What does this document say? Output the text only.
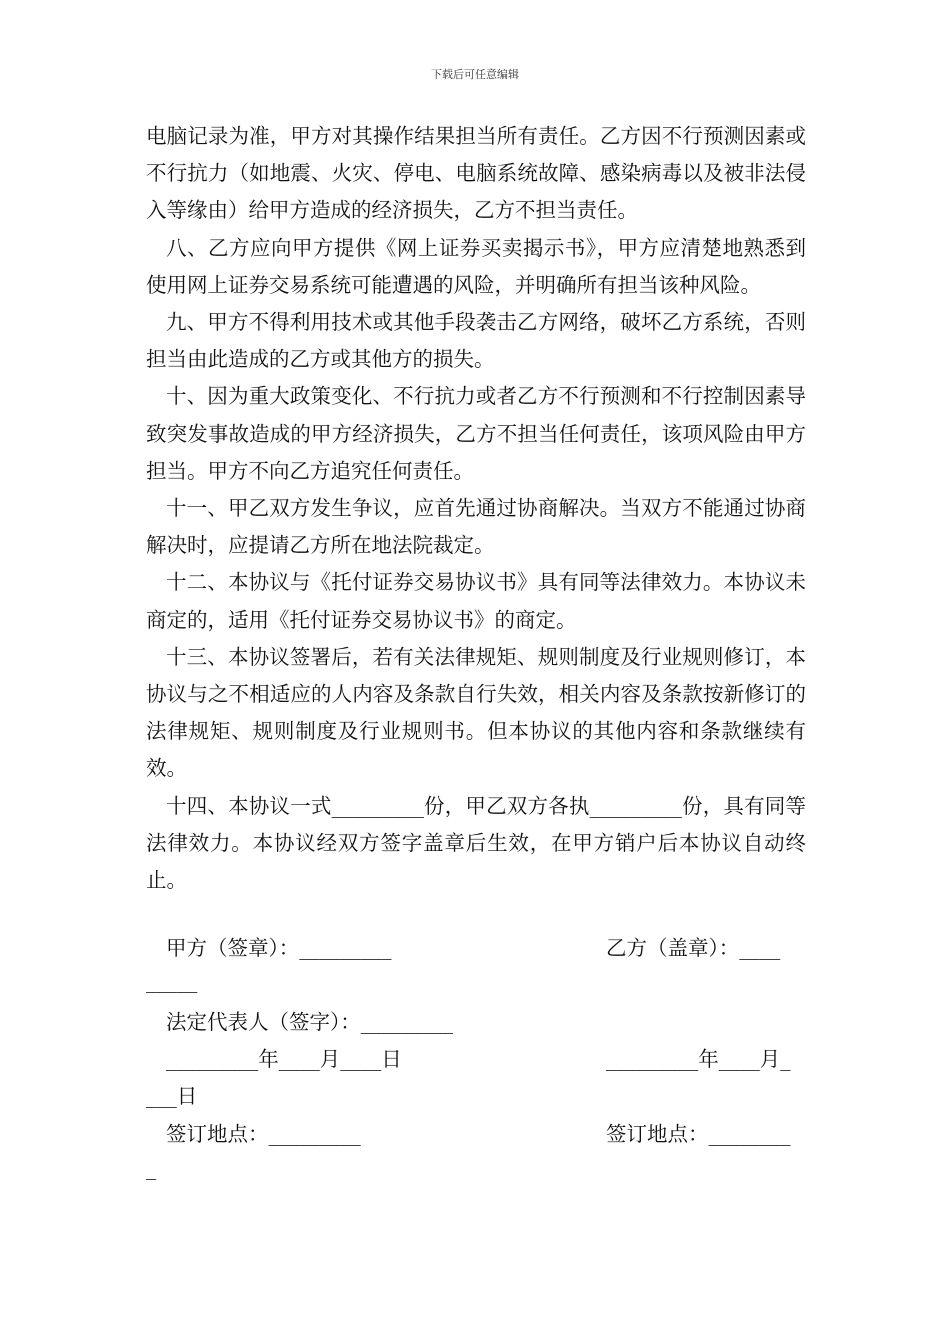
下载后可任意编辑

电脑记录为准，甲方对其操作结果担当所有责任。乙方因不行预测因素或不行抗力（如地震、火灾、停电、电脑系统故障、感染病毒以及被非法侵入等缘由）给甲方造成的经济损失，乙方不担当责任。

八、乙方应向甲方提供《网上证券买卖揭示书》，甲方应清楚地熟悉到使用网上证券交易系统可能遭遇的风险，并明确所有担当该种风险。

九、甲方不得利用技术或其他手段袭击乙方网络，破坏乙方系统，否则担当由此造成的乙方或其他方的损失。

十、因为重大政策变化、不行抗力或者乙方不行预测和不行控制因素导致突发事故造成的甲方经济损失，乙方不担当任何责任，该项风险由甲方担当。甲方不向乙方追究任何责任。

十一、甲乙双方发生争议，应首先通过协商解决。当双方不能通过协商解决时，应提请乙方所在地法院裁定。

十二、本协议与《托付证券交易协议书》具有同等法律效力。本协议未商定的，适用《托付证券交易协议书》的商定。

十三、本协议签署后，若有关法律规矩、规则制度及行业规则修订，本协议与之不相适应的人内容及条款自行失效，相关内容及条款按新修订的法律规矩、规则制度及行业规则书。但本协议的其他内容和条款继续有效。

十四、本协议一式_________份，甲乙双方各执_________份，具有同等法律效力。本协议经双方签字盖章后生效，在甲方销户后本协议自动终止。

甲方（签章）：_________	乙方（盖章）：____
_____
法定代表人（签字）：_________
_________年____月____日	_________年____月_
___日
签订地点：_________	签订地点：________
_
